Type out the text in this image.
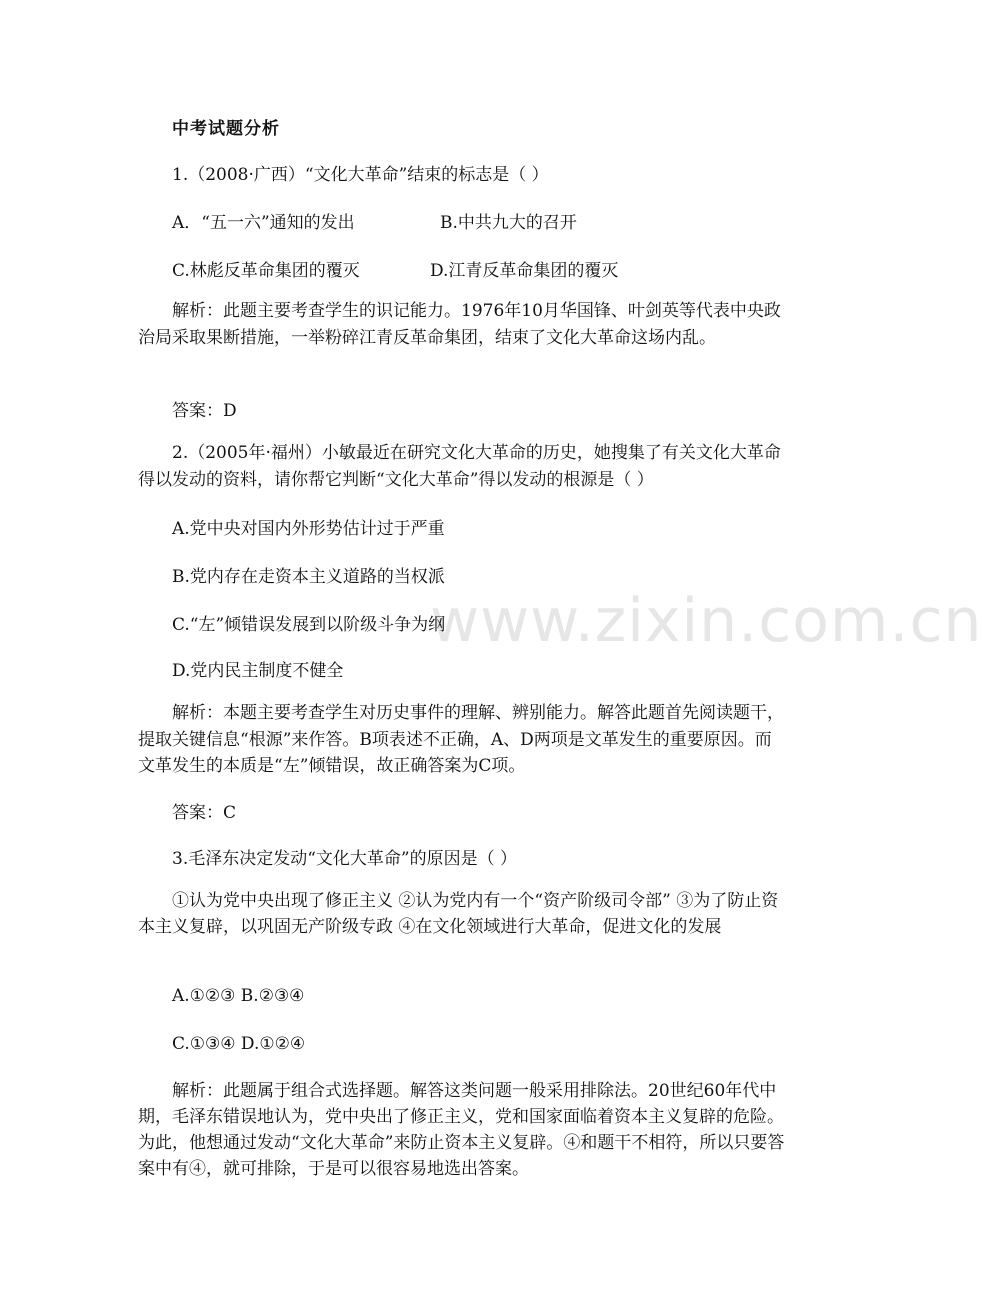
www.zixin.com.cn
中考试题分析
1.（2008·广西）“文化大革命”结束的标志是（ ）
A．“五一六”通知的发出	B.中共九大的召开
C.林彪反革命集团的覆灭	D.江青反革命集团的覆灭
解析：此题主要考查学生的识记能力。1976年10月华国锋、叶剑英等代表中央政治局采取果断措施，一举粉碎江青反革命集团，结束了文化大革命这场内乱。
答案：D
2.（2005年·福州）小敏最近在研究文化大革命的历史，她搜集了有关文化大革命得以发动的资料，请你帮它判断“文化大革命”得以发动的根源是（ ）
A.党中央对国内外形势估计过于严重
B.党内存在走资本主义道路的当权派
C.“左”倾错误发展到以阶级斗争为纲
D.党内民主制度不健全
解析：本题主要考查学生对历史事件的理解、辨别能力。解答此题首先阅读题干，提取关键信息“根源”来作答。B项表述不正确，A、D两项是文革发生的重要原因。而文革发生的本质是“左”倾错误，故正确答案为C项。
答案：C
3.毛泽东决定发动“文化大革命”的原因是（ ）
①认为党中央出现了修正主义 ②认为党内有一个“资产阶级司令部” ③为了防止资本主义复辟，以巩固无产阶级专政 ④在文化领域进行大革命，促进文化的发展
A.①②③ B.②③④
C.①③④ D.①②④
解析：此题属于组合式选择题。解答这类问题一般采用排除法。20世纪60年代中期，毛泽东错误地认为，党中央出了修正主义，党和国家面临着资本主义复辟的危险。为此，他想通过发动“文化大革命”来防止资本主义复辟。④和题干不相符，所以只要答案中有④，就可排除，于是可以很容易地选出答案。
